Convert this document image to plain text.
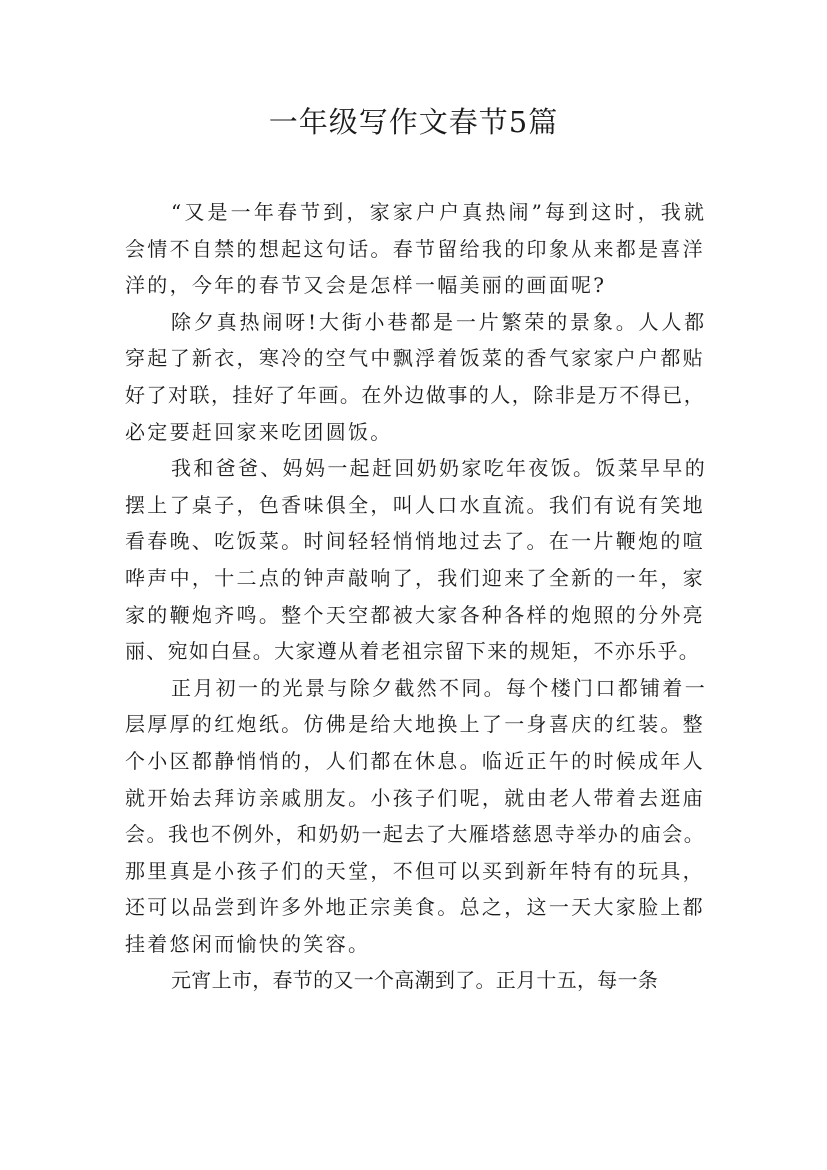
一年级写作文春节5篇
“又是一年春节到，家家户户真热闹”每到这时，我就
会情不自禁的想起这句话。春节留给我的印象从来都是喜洋
洋的，今年的春节又会是怎样一幅美丽的画面呢?
除夕真热闹呀!大街小巷都是一片繁荣的景象。人人都
穿起了新衣，寒冷的空气中飘浮着饭菜的香气家家户户都贴
好了对联，挂好了年画。在外边做事的人，除非是万不得已，
必定要赶回家来吃团圆饭。
我和爸爸、妈妈一起赶回奶奶家吃年夜饭。饭菜早早的
摆上了桌子，色香味俱全，叫人口水直流。我们有说有笑地
看春晚、吃饭菜。时间轻轻悄悄地过去了。在一片鞭炮的喧
哗声中，十二点的钟声敲响了，我们迎来了全新的一年，家
家的鞭炮齐鸣。整个天空都被大家各种各样的炮照的分外亮
丽、宛如白昼。大家遵从着老祖宗留下来的规矩，不亦乐乎。
正月初一的光景与除夕截然不同。每个楼门口都铺着一
层厚厚的红炮纸。仿佛是给大地换上了一身喜庆的红装。整
个小区都静悄悄的，人们都在休息。临近正午的时候成年人
就开始去拜访亲戚朋友。小孩子们呢，就由老人带着去逛庙
会。我也不例外，和奶奶一起去了大雁塔慈恩寺举办的庙会。
那里真是小孩子们的天堂，不但可以买到新年特有的玩具，
还可以品尝到许多外地正宗美食。总之，这一天大家脸上都
挂着悠闲而愉快的笑容。
元宵上市，春节的又一个高潮到了。正月十五，每一条
